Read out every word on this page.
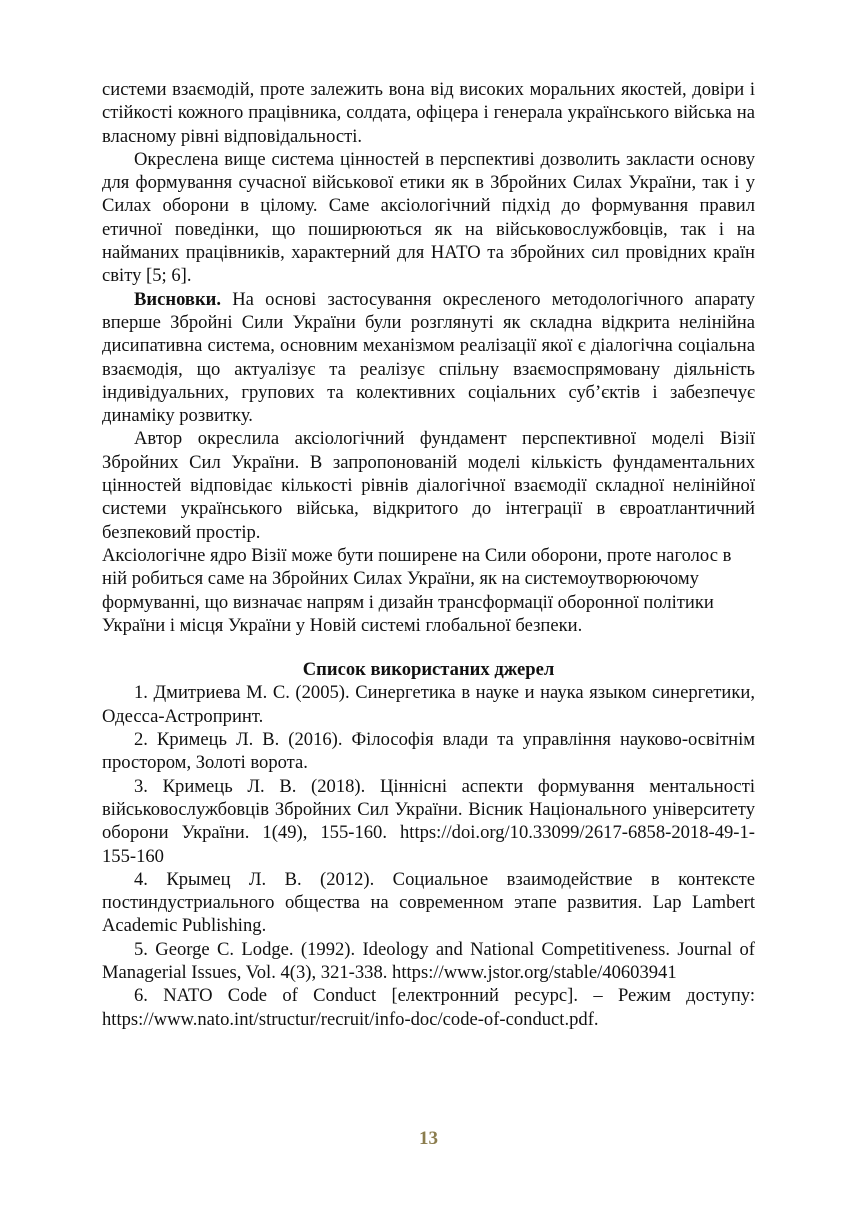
системи взаємодій, проте залежить вона від високих моральних якостей, довіри і стійкості кожного працівника, солдата, офіцера і генерала українського війська на власному рівні відповідальності.

Окреслена вище система цінностей в перспективі дозволить закласти основу для формування сучасної військової етики як в Збройних Силах України, так і у Силах оборони в цілому. Саме аксіологічний підхід до формування правил етичної поведінки, що поширюються як на військовослужбовців, так і на найманих працівників, характерний для НАТО та збройних сил провідних країн світу [5; 6].

Висновки. На основі застосування окресленого методологічного апарату вперше Збройні Сили України були розглянуті як складна відкрита нелінійна дисипативна система, основним механізмом реалізації якої є діалогічна соціальна взаємодія, що актуалізує та реалізує спільну взаємоспрямовану діяльність індивідуальних, групових та колективних соціальних суб’єктів і забезпечує динаміку розвитку.

Автор окреслила аксіологічний фундамент перспективної моделі Візії Збройних Сил України. В запропонованій моделі кількість фундаментальних цінностей відповідає кількості рівнів діалогічної взаємодії складної нелінійної системи українського війська, відкритого до інтеграції в євроатлантичний безпековий простір.

Аксіологічне ядро Візії може бути поширене на Сили оборони, проте наголос в ній робиться саме на Збройних Силах України, як на системоутворюючому формуванні, що визначає напрям і дизайн трансформації оборонної політики України і місця України у Новій системі глобальної безпеки.

Список використаних джерел
1. Дмитриева М. С. (2005). Синергетика в науке и наука языком синергетики, Одесса-Астропринт.
2. Кримець Л. В. (2016). Філософія влади та управління науково-освітнім простором, Золоті ворота.
3. Кримець Л. В. (2018). Ціннісні аспекти формування ментальності військовослужбовців Збройних Сил України. Вісник Національного університету оборони України. 1(49), 155-160. https://doi.org/10.33099/2617-6858-2018-49-1-155-160
4. Крымец Л. В. (2012). Социальное взаимодействие в контексте постиндустриального общества на современном этапе развития. Lap Lambert Academic Publishing.
5. George C. Lodge. (1992). Ideology and National Competitiveness. Journal of Managerial Issues, Vol. 4(3), 321-338. https://www.jstor.org/stable/40603941
6. NATO Code of Conduct [електронний ресурс]. – Режим доступу: https://www.nato.int/structur/recruit/info-doc/code-of-conduct.pdf.
13
